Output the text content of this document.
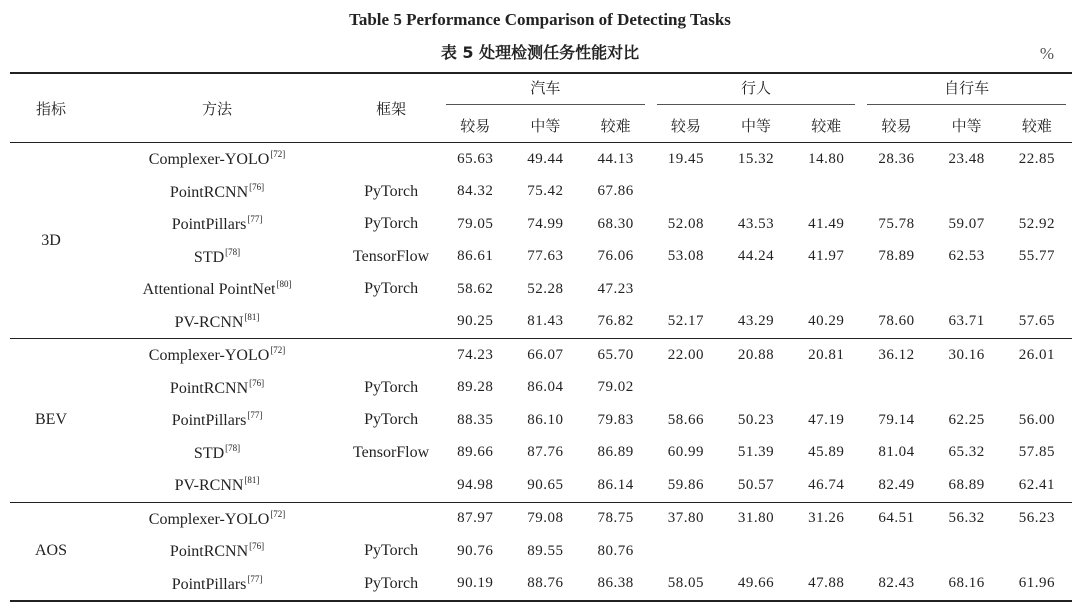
Table 5 Performance Comparison of Detecting Tasks
表 5 处理检测任务性能对比	%
指标	方法	框架	汽车			行人			自行车		

			较易	中等	较难	较易	中等	较难	较易	中等	较难
3D	Complexer-YOLO[72]		65.63	49.44	44.13	19.45	15.32	14.80	28.36	23.48	22.85
	PointRCNN[76]	PyTorch	84.32	75.42	67.86						
	PointPillars[77]	PyTorch	79.05	74.99	68.30	52.08	43.53	41.49	75.78	59.07	52.92
	STD[78]	TensorFlow	86.61	77.63	76.06	53.08	44.24	41.97	78.89	62.53	55.77
	Attentional PointNet[80]	PyTorch	58.62	52.28	47.23						
	PV-RCNN[81]		90.25	81.43	76.82	52.17	43.29	40.29	78.60	63.71	57.65
BEV	Complexer-YOLO[72]		74.23	66.07	65.70	22.00	20.88	20.81	36.12	30.16	26.01
	PointRCNN[76]	PyTorch	89.28	86.04	79.02						
	PointPillars[77]	PyTorch	88.35	86.10	79.83	58.66	50.23	47.19	79.14	62.25	56.00
	STD[78]	TensorFlow	89.66	87.76	86.89	60.99	51.39	45.89	81.04	65.32	57.85
	PV-RCNN[81]		94.98	90.65	86.14	59.86	50.57	46.74	82.49	68.89	62.41
AOS	Complexer-YOLO[72]		87.97	79.08	78.75	37.80	31.80	31.26	64.51	56.32	56.23
	PointRCNN[76]	PyTorch	90.76	89.55	80.76						
	PointPillars[77]	PyTorch	90.19	88.76	86.38	58.05	49.66	47.88	82.43	68.16	61.96
